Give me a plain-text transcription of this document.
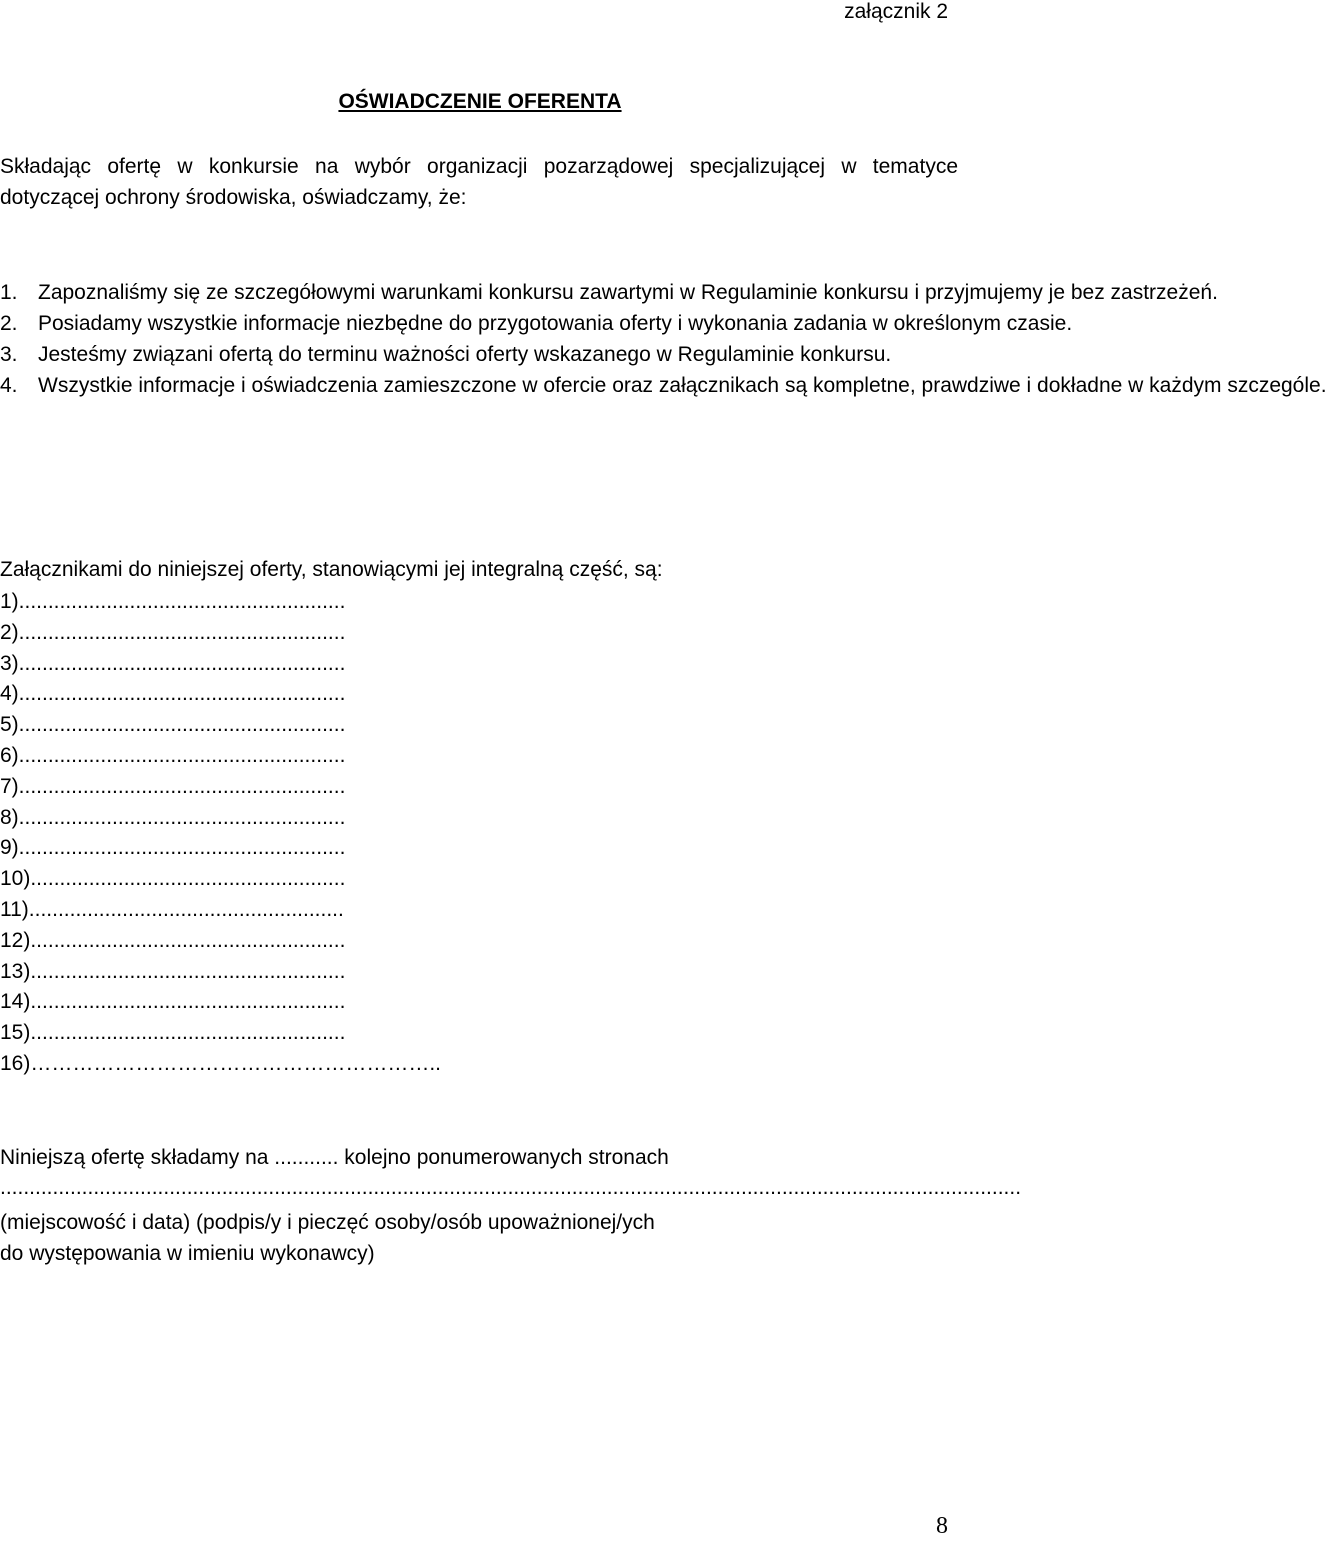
załącznik 2
OŚWIADCZENIE OFERENTA
Składając ofertę w konkursie na wybór organizacji pozarządowej specjalizującej w tematyce dotyczącej ochrony środowiska, oświadczamy, że:
1. Zapoznaliśmy się ze szczegółowymi warunkami konkursu zawartymi w Regulaminie konkursu i przyjmujemy je bez zastrzeżeń.
2. Posiadamy wszystkie informacje niezbędne do przygotowania oferty i wykonania zadania w określonym czasie.
3. Jesteśmy związani ofertą do terminu ważności oferty wskazanego w Regulaminie konkursu.
4. Wszystkie informacje i oświadczenia zamieszczone w ofercie oraz załącznikach są kompletne, prawdziwe i dokładne w każdym szczególe.
Załącznikami do niniejszej oferty, stanowiącymi jej integralną część, są:
1)........................................................
2)........................................................
3)........................................................
4)........................................................
5)........................................................
6)........................................................
7)........................................................
8)........................................................
9)........................................................
10)......................................................
11)......................................................
12)......................................................
13)......................................................
14)......................................................
15)......................................................
16)…………………………………………………..
Niniejszą ofertę składamy na ........... kolejno ponumerowanych stronach
...............................................................................................................................................................................
(miejscowość i data) (podpis/y i pieczęć osoby/osób upoważnionej/ych
do występowania w imieniu wykonawcy)
8
